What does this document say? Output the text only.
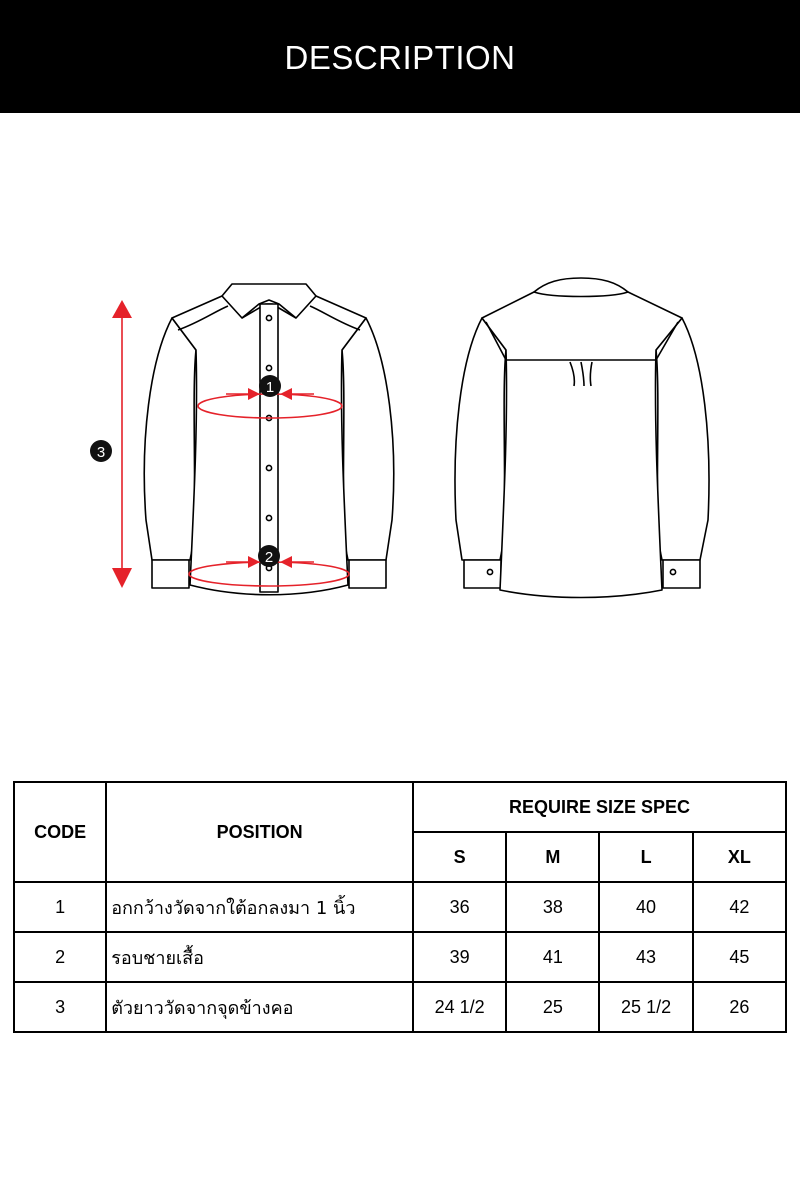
DESCRIPTION
1
2
3
CODE	POSITION	REQUIRE SIZE SPEC			
		S	M	L	XL
1	อกกว้างวัดจากใต้อกลงมา 1 นิ้ว	36	38	40	42
2	รอบชายเสื้อ	39	41	43	45
3	ตัวยาววัดจากจุดข้างคอ	24 1/2	25	25 1/2	26
